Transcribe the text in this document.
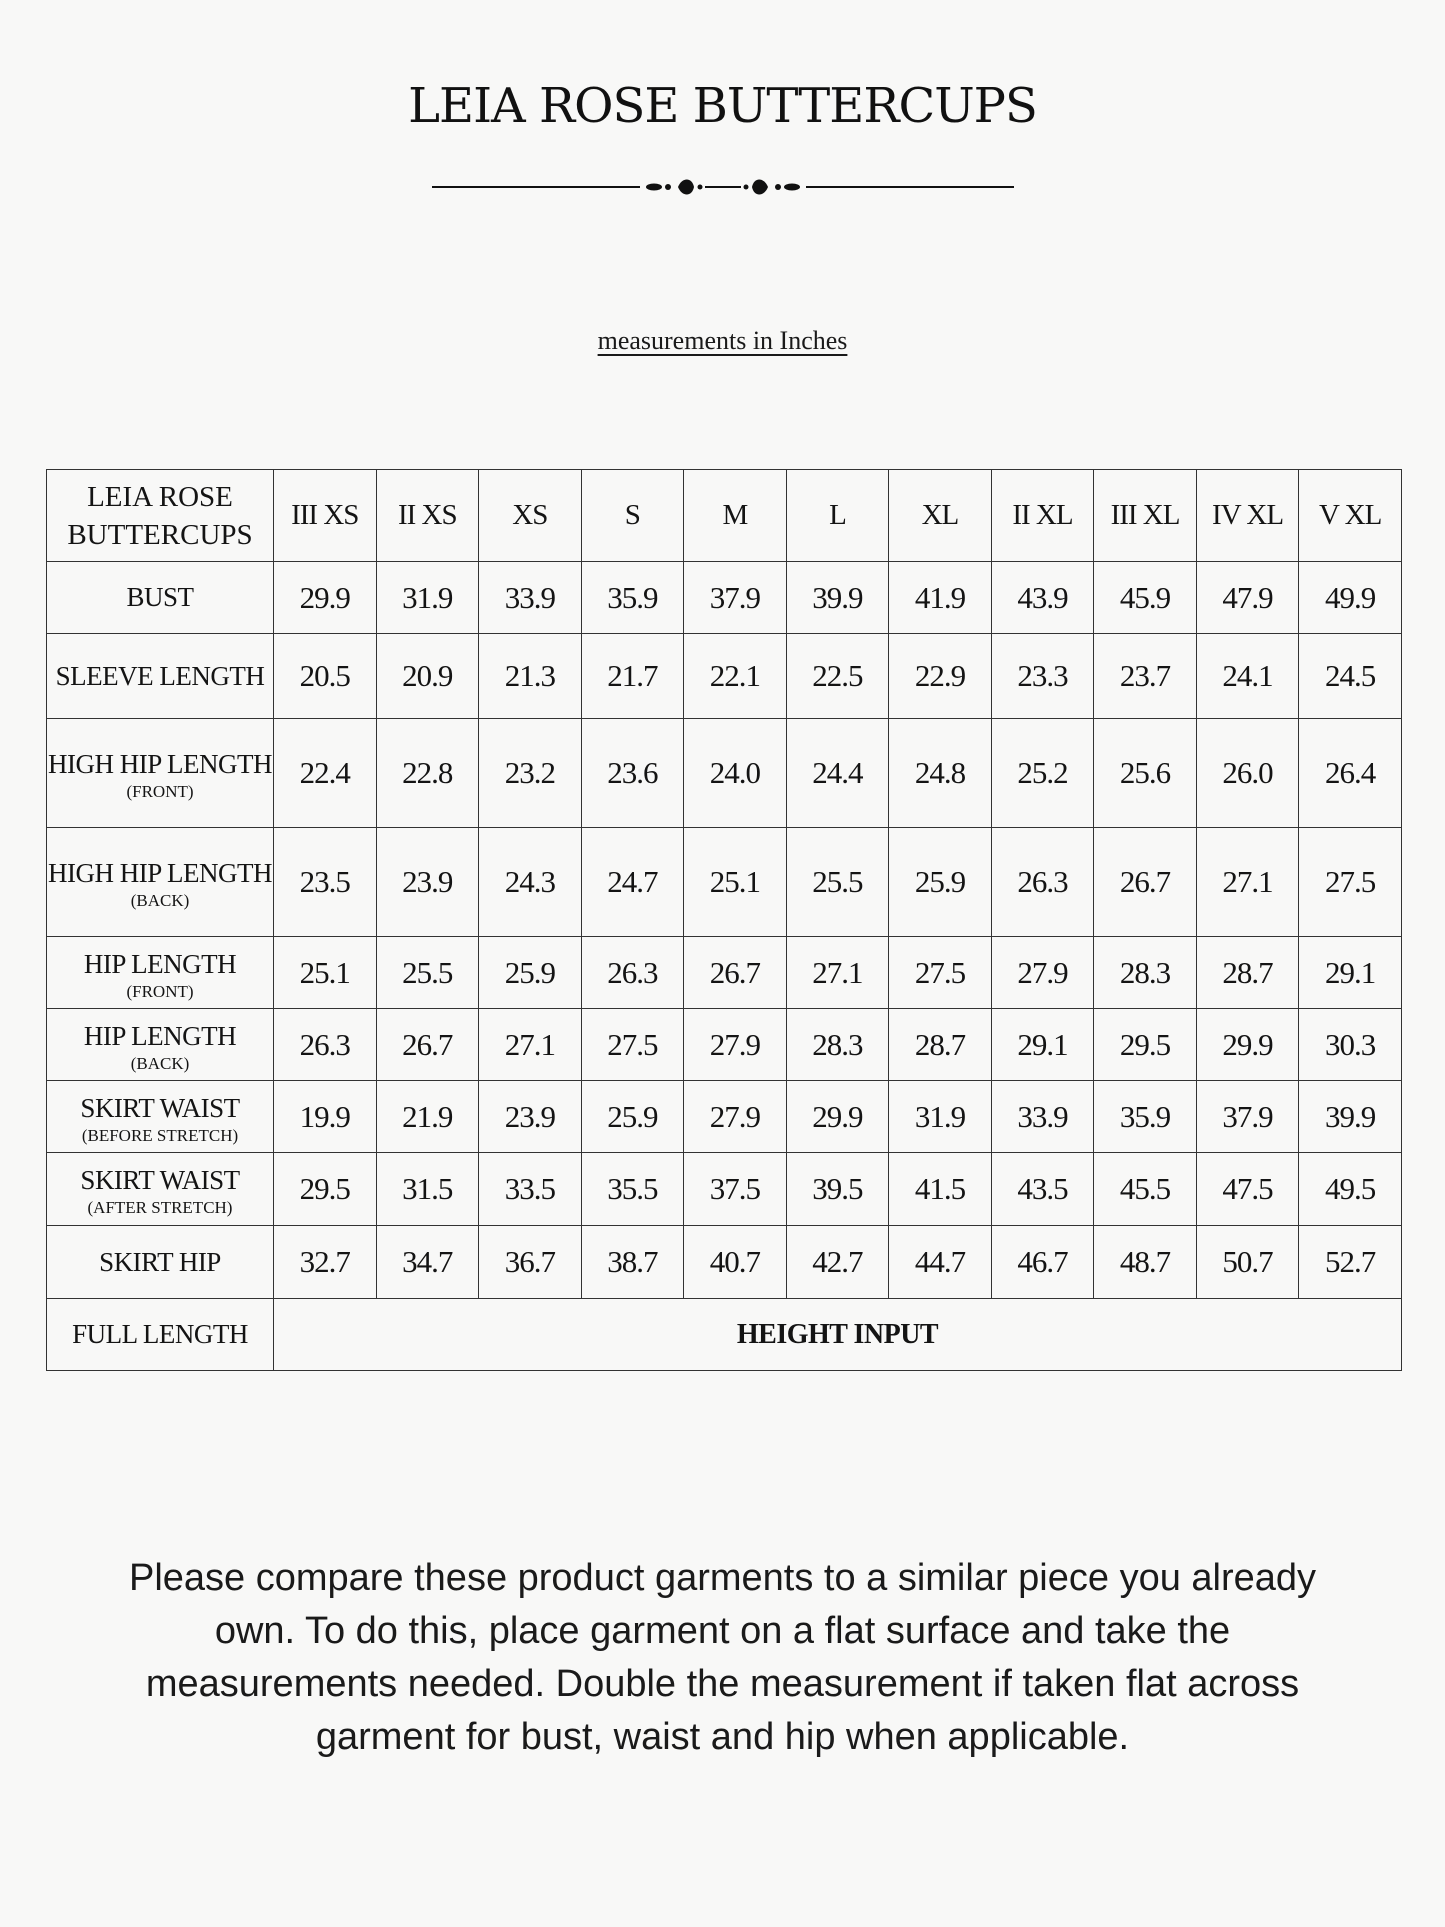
LEIA ROSE BUTTERCUPS
measurements in Inches
LEIA ROSE
BUTTERCUPS	III XS	II XS	XS	S	M	L	XL	II XL	III XL	IV XL	V XL

BUST	29.9	31.9	33.9	35.9	37.9	39.9	41.9	43.9	45.9	47.9	49.9

SLEEVE LENGTH	20.5	20.9	21.3	21.7	22.1	22.5	22.9	23.3	23.7	24.1	24.5

HIGH HIP LENGTH
(FRONT)	22.4	22.8	23.2	23.6	24.0	24.4	24.8	25.2	25.6	26.0	26.4

HIGH HIP LENGTH
(BACK)	23.5	23.9	24.3	24.7	25.1	25.5	25.9	26.3	26.7	27.1	27.5

HIP LENGTH
(FRONT)	25.1	25.5	25.9	26.3	26.7	27.1	27.5	27.9	28.3	28.7	29.1

HIP LENGTH
(BACK)	26.3	26.7	27.1	27.5	27.9	28.3	28.7	29.1	29.5	29.9	30.3

SKIRT WAIST
(BEFORE STRETCH)	19.9	21.9	23.9	25.9	27.9	29.9	31.9	33.9	35.9	37.9	39.9

SKIRT WAIST
(AFTER STRETCH)	29.5	31.5	33.5	35.5	37.5	39.5	41.5	43.5	45.5	47.5	49.5

SKIRT HIP	32.7	34.7	36.7	38.7	40.7	42.7	44.7	46.7	48.7	50.7	52.7
FULL LENGTH	HEIGHT INPUT										
Please compare these product garments to a similar piece you already own. To do this, place garment on a flat surface and take the measurements needed. Double the measurement if taken flat across garment for bust, waist and hip when applicable.
